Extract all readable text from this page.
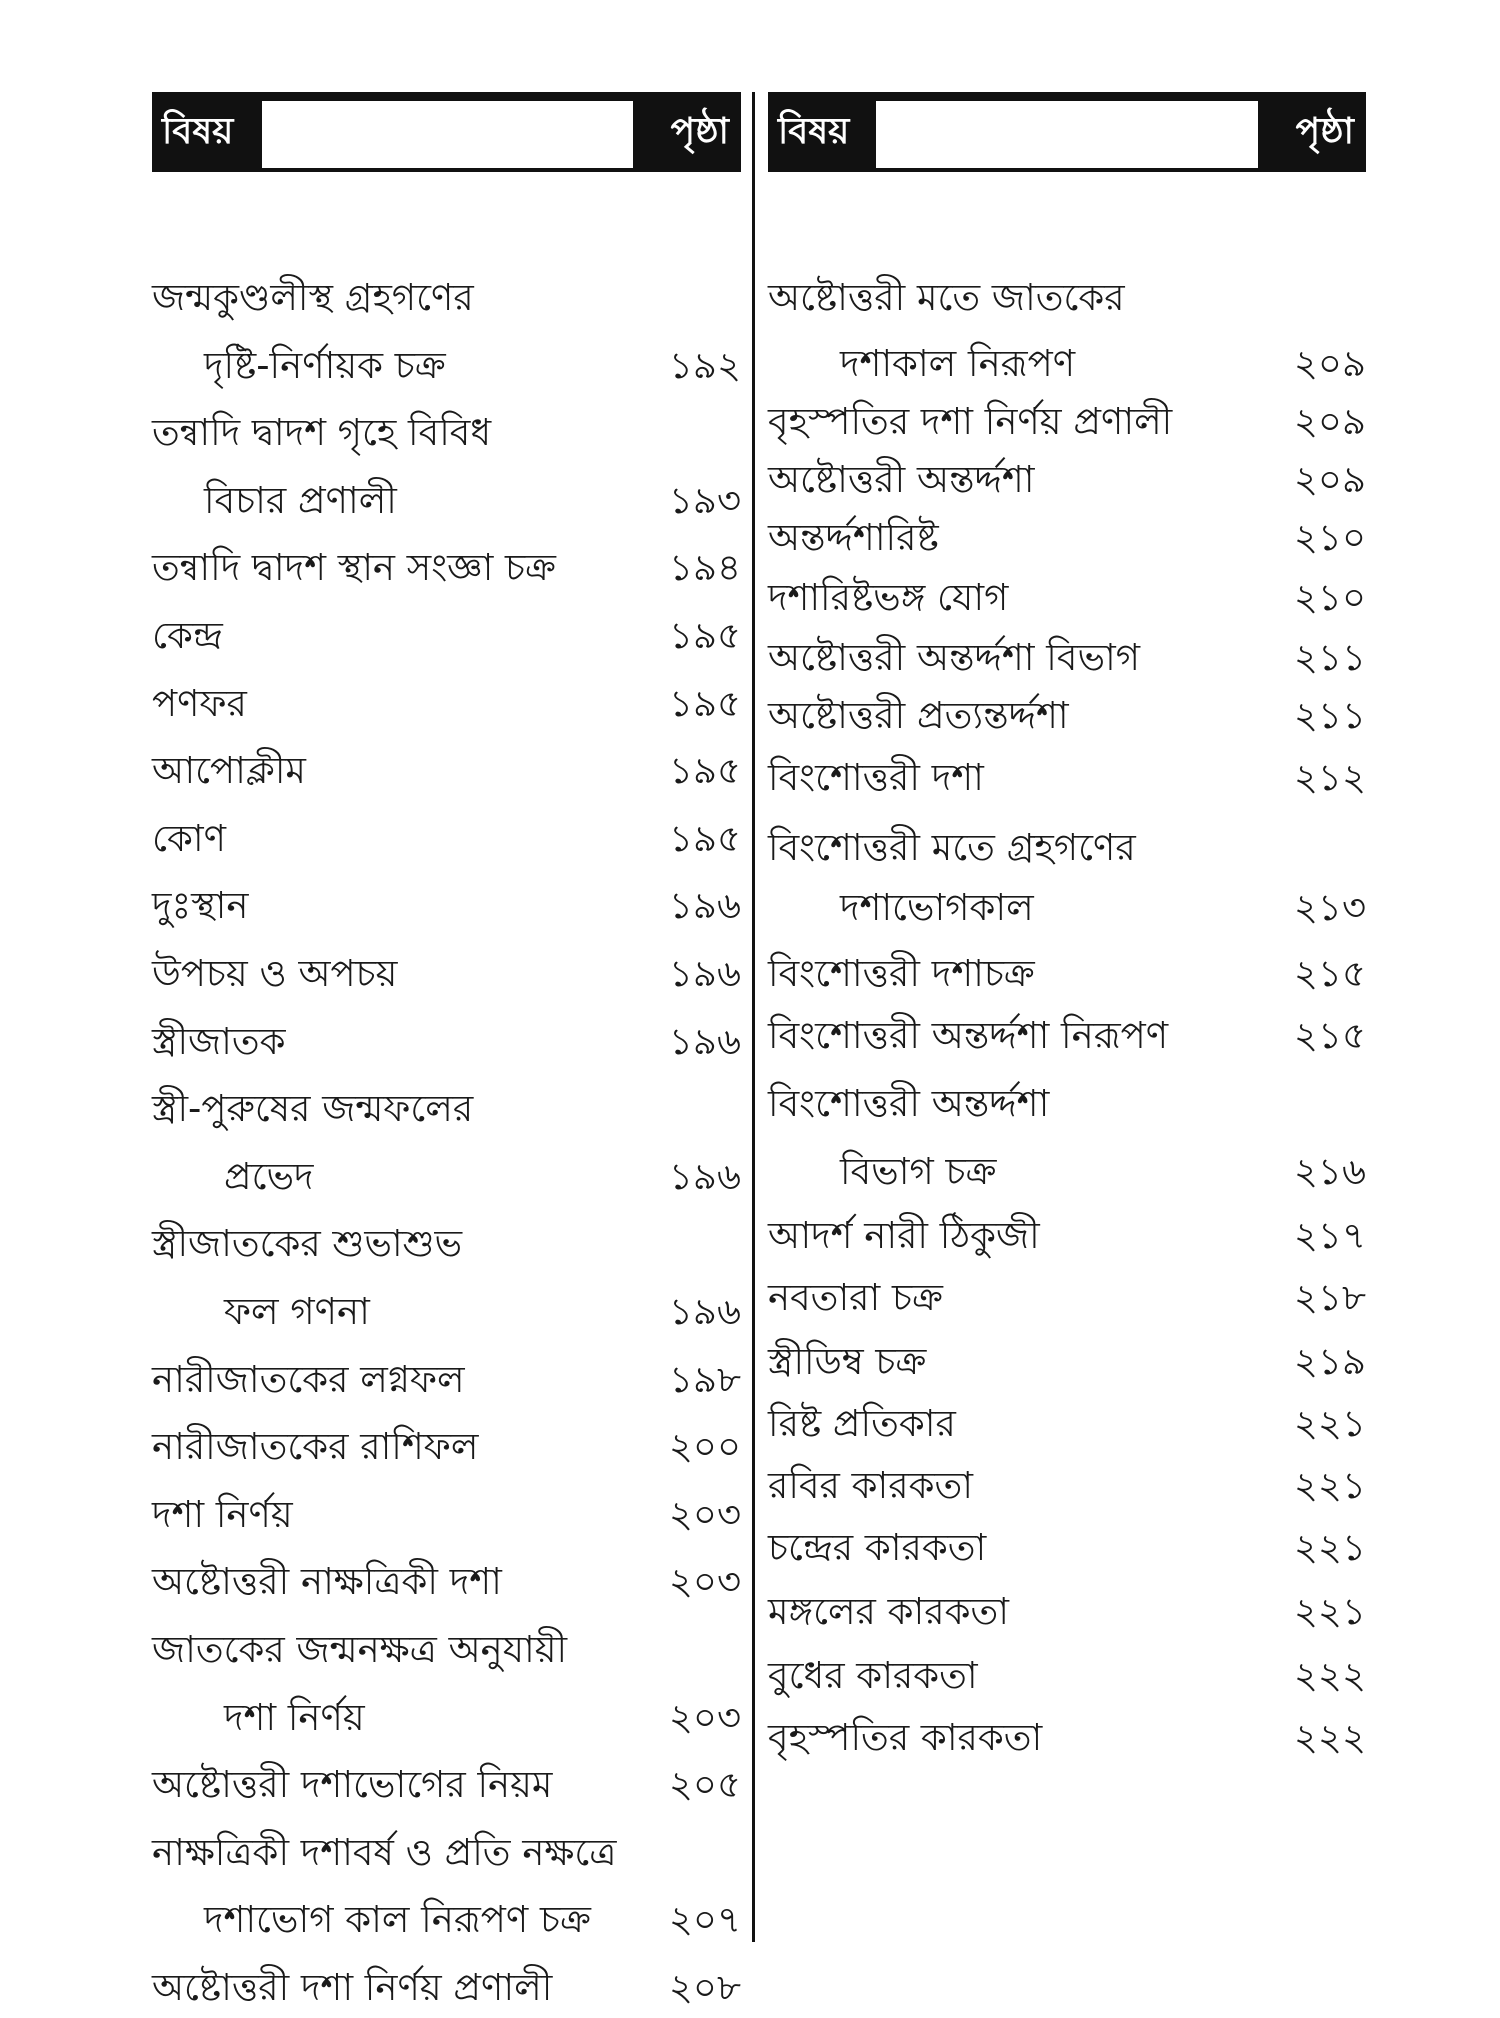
বিষয়	পৃষ্ঠা
জন্মকুণ্ডলীস্থ গ্রহগণের
দৃষ্টি-নির্ণায়ক চক্র	১৯২
তন্বাদি দ্বাদশ গৃহে বিবিধ
বিচার প্রণালী	১৯৩
তন্বাদি দ্বাদশ স্থান সংজ্ঞা চক্র	১৯৪
কেন্দ্র	১৯৫
পণফর	১৯৫
আপোক্লীম	১৯৫
কোণ	১৯৫
দুঃস্থান	১৯৬
উপচয় ও অপচয়	১৯৬
স্ত্রীজাতক	১৯৬
স্ত্রী-পুরুষের জন্মফলের
প্রভেদ	১৯৬
স্ত্রীজাতকের শুভাশুভ
ফল গণনা	১৯৬
নারীজাতকের লগ্নফল	১৯৮
নারীজাতকের রাশিফল	২০০
দশা নির্ণয়	২০৩
অষ্টোত্তরী নাক্ষত্রিকী দশা	২০৩
জাতকের জন্মনক্ষত্র অনুযায়ী
দশা নির্ণয়	২০৩
অষ্টোত্তরী দশাভোগের নিয়ম	২০৫
নাক্ষত্রিকী দশাবর্ষ ও প্রতি নক্ষত্রে
দশাভোগ কাল নিরূপণ চক্র ২০৭
অষ্টোত্তরী দশা নির্ণয় প্রণালী	২০৮
বিষয়	পৃষ্ঠা
অষ্টোত্তরী মতে জাতকের
দশাকাল নিরূপণ	২০৯
বৃহস্পতির দশা নির্ণয় প্রণালী	২০৯
অষ্টোত্তরী অন্তর্দ্দশা	২০৯
অন্তর্দ্দশারিষ্ট	২১০
দশারিষ্টভঙ্গ যোগ	২১০
অষ্টোত্তরী অন্তর্দ্দশা বিভাগ	২১১
অষ্টোত্তরী প্রত্যন্তর্দ্দশা	২১১
বিংশোত্তরী দশা	২১২
বিংশোত্তরী মতে গ্রহগণের
দশাভোগকাল	২১৩
বিংশোত্তরী দশাচক্র	২১৫
বিংশোত্তরী অন্তর্দ্দশা নিরূপণ	২১৫
বিংশোত্তরী অন্তর্দ্দশা
বিভাগ চক্র	২১৬
আদর্শ নারী ঠিকুজী	২১৭
নবতারা চক্র	২১৮
স্ত্রীডিম্ব চক্র	২১৯
রিষ্ট প্রতিকার	২২১
রবির কারকতা	২২১
চন্দ্রের কারকতা	২২১
মঙ্গলের কারকতা	২২১
বুধের কারকতা	২২২
বৃহস্পতির কারকতা	২২২
